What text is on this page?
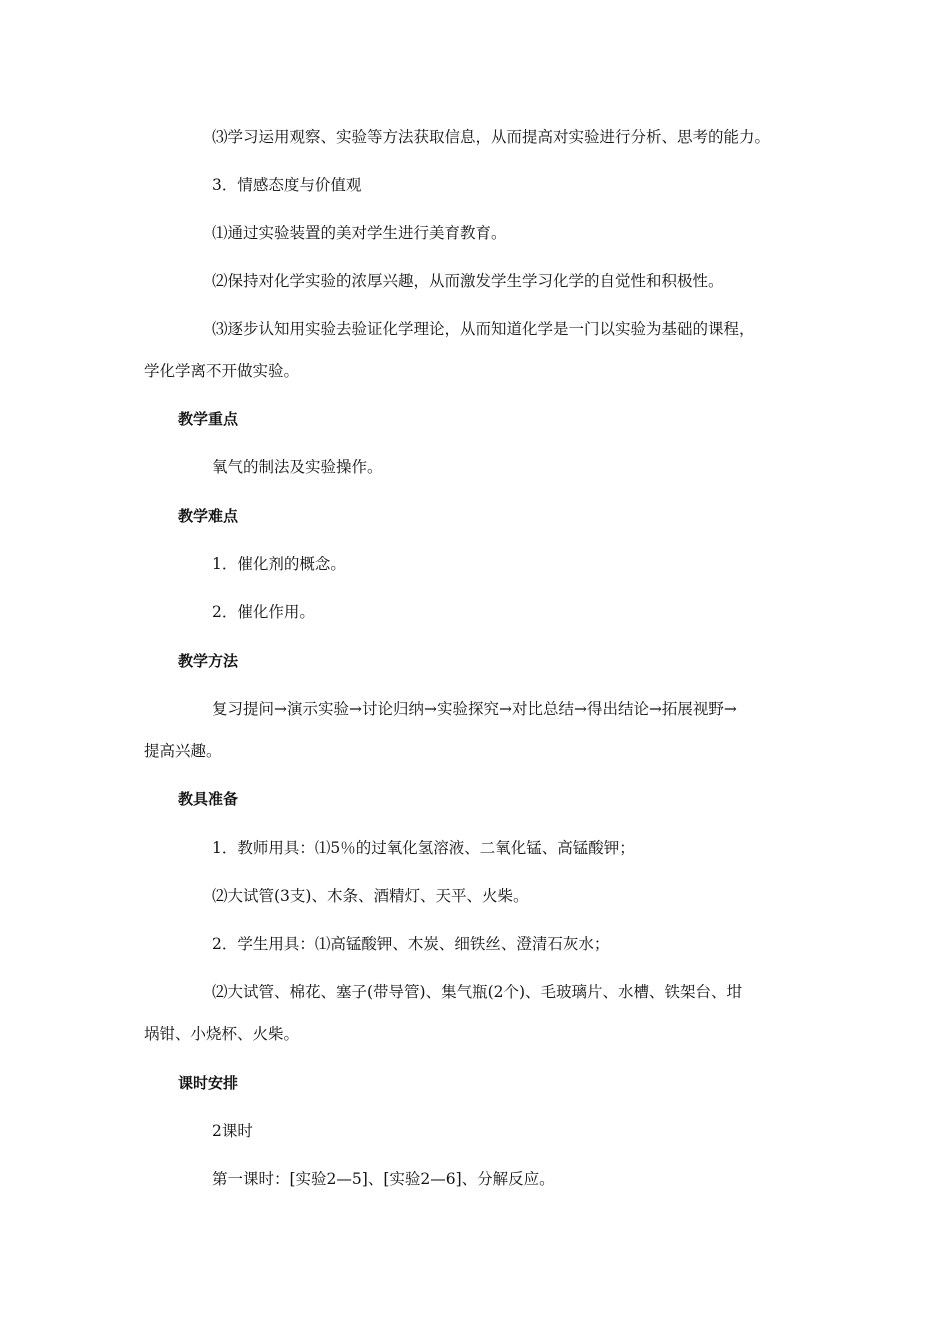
⑶学习运用观察、实验等方法获取信息，从而提高对实验进行分析、思考的能力。
3．情感态度与价值观
⑴通过实验装置的美对学生进行美育教育。
⑵保持对化学实验的浓厚兴趣，从而激发学生学习化学的自觉性和积极性。
⑶逐步认知用实验去验证化学理论，从而知道化学是一门以实验为基础的课程，
学化学离不开做实验。
教学重点
氧气的制法及实验操作。
教学难点
1．催化剂的概念。
2．催化作用。
教学方法
复习提问→演示实验→讨论归纳→实验探究→对比总结→得出结论→拓展视野→
提高兴趣。
教具准备
1．教师用具：⑴5％的过氧化氢溶液、二氧化锰、高锰酸钾；
⑵大试管(3支)、木条、酒精灯、天平、火柴。
2．学生用具：⑴高锰酸钾、木炭、细铁丝、澄清石灰水；
⑵大试管、棉花、塞子(带导管)、集气瓶(2个)、毛玻璃片、水槽、铁架台、坩
埚钳、小烧杯、火柴。
课时安排
2课时
第一课时：[实验2—5]、[实验2—6]、分解反应。
